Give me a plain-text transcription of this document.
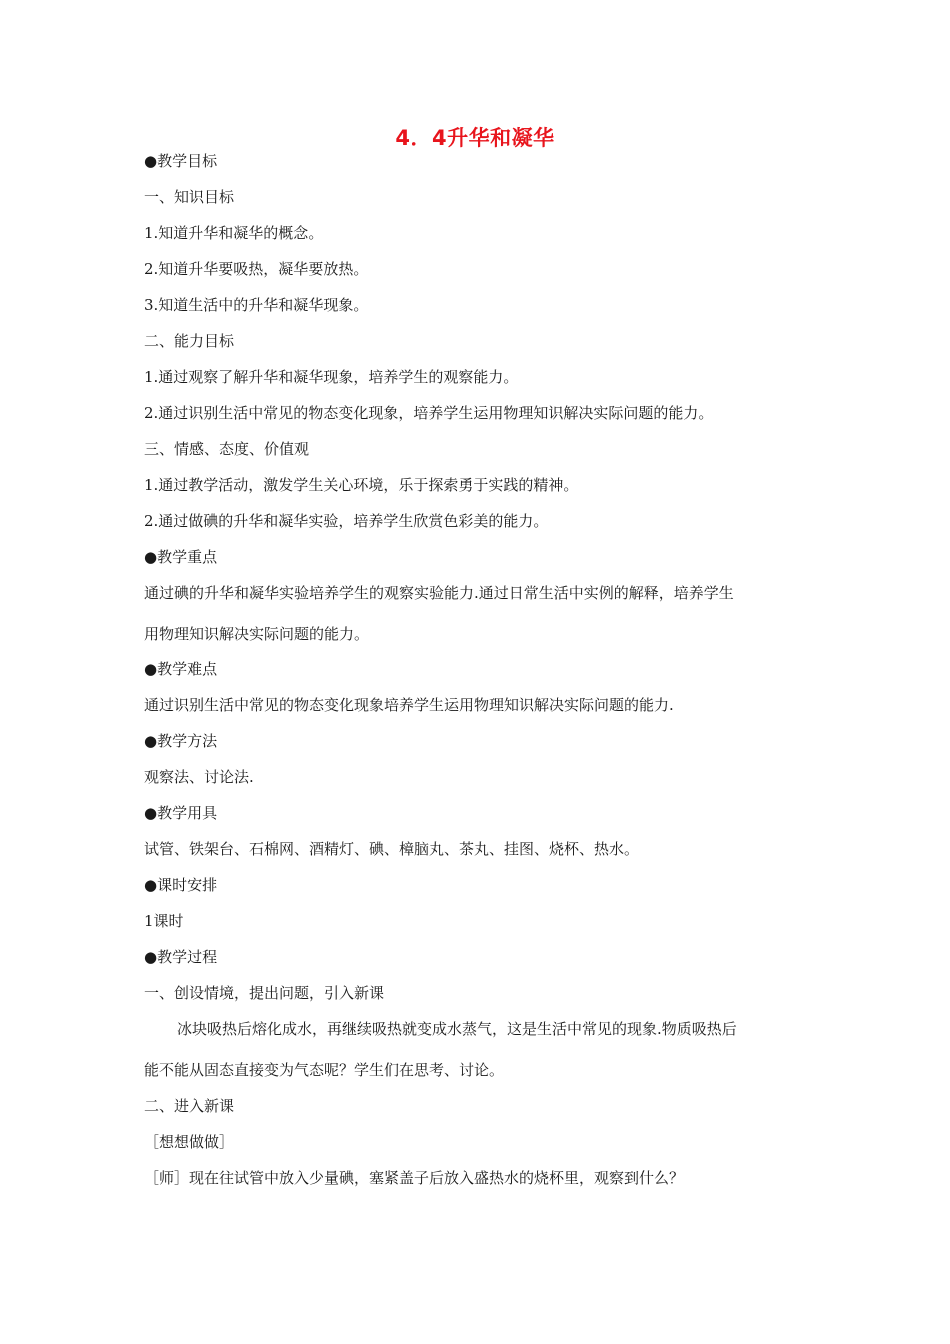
4．4升华和凝华
●教学目标
一、知识目标
1.知道升华和凝华的概念。
2.知道升华要吸热，凝华要放热。
3.知道生活中的升华和凝华现象。
二、能力目标
1.通过观察了解升华和凝华现象，培养学生的观察能力。
2.通过识别生活中常见的物态变化现象，培养学生运用物理知识解决实际问题的能力。
三、情感、态度、价值观
1.通过教学活动，激发学生关心环境，乐于探索勇于实践的精神。
2.通过做碘的升华和凝华实验，培养学生欣赏色彩美的能力。
●教学重点
通过碘的升华和凝华实验培养学生的观察实验能力.通过日常生活中实例的解释，培养学生
用物理知识解决实际问题的能力。
●教学难点
通过识别生活中常见的物态变化现象培养学生运用物理知识解决实际问题的能力.
●教学方法
观察法、讨论法.
●教学用具
试管、铁架台、石棉网、酒精灯、碘、樟脑丸、茶丸、挂图、烧杯、热水。
●课时安排
1课时
●教学过程
一、创设情境，提出问题，引入新课
冰块吸热后熔化成水，再继续吸热就变成水蒸气，这是生活中常见的现象.物质吸热后
能不能从固态直接变为气态呢？学生们在思考、讨论。
二、进入新课
［想想做做］
［师］现在往试管中放入少量碘，塞紧盖子后放入盛热水的烧杯里，观察到什么？
